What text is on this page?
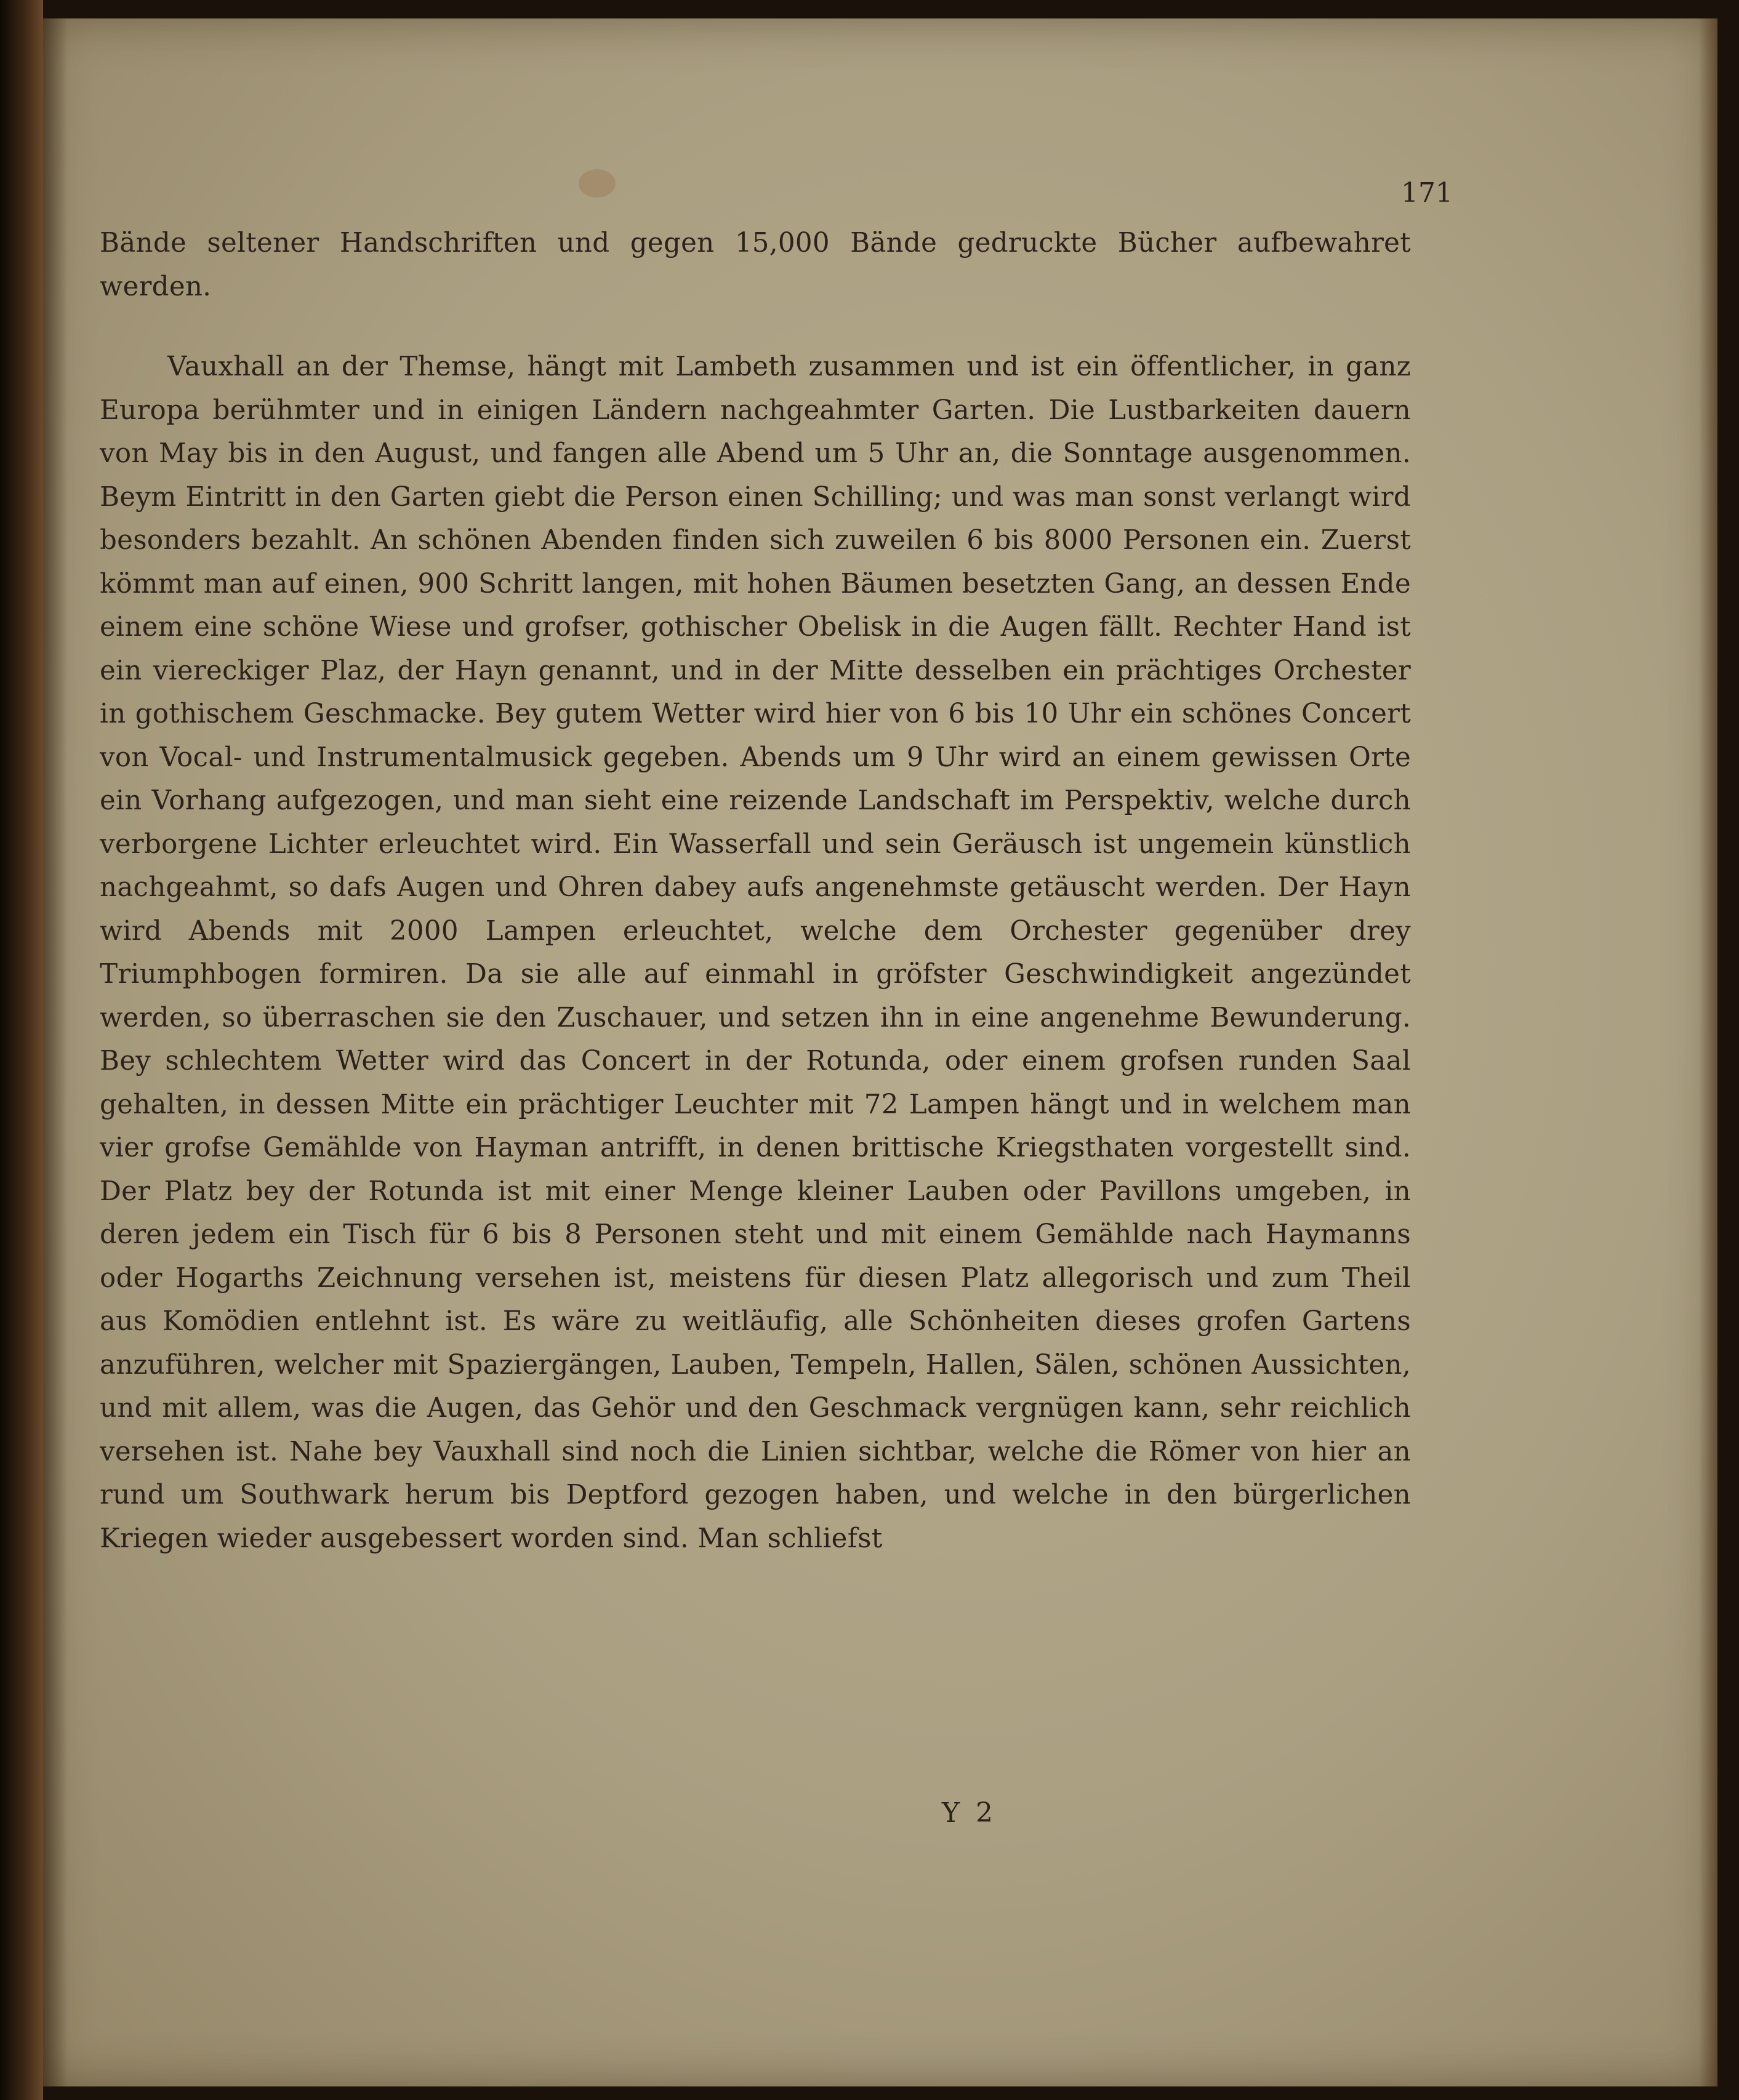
171

Bände seltener Handschriften und gegen 15,000 Bände gedruckte Bücher aufbewahret werden.

Vauxhall an der Themse, hängt mit Lambeth zusammen und ist ein öffentlicher, in ganz Europa berühmter und in einigen Ländern nachgeahmter Garten. Die Lustbarkeiten dauern von May bis in den August, und fangen alle Abend um 5 Uhr an, die Sonntage ausgenommen. Beym Eintritt in den Garten giebt die Person einen Schilling; und was man sonst verlangt wird besonders bezahlt. An schönen Abenden finden sich zuweilen 6 bis 8000 Personen ein. Zuerst kömmt man auf einen, 900 Schritt langen, mit hohen Bäumen besetzten Gang, an dessen Ende einem eine schöne Wiese und grofser, gothischer Obelisk in die Augen fällt. Rechter Hand ist ein viereckiger Plaz, der Hayn genannt, und in der Mitte desselben ein prächtiges Orchester in gothischem Geschmacke. Bey gutem Wetter wird hier von 6 bis 10 Uhr ein schönes Concert von Vocal- und Instrumentalmusick gegeben. Abends um 9 Uhr wird an einem gewissen Orte ein Vorhang aufgezogen, und man sieht eine reizende Landschaft im Perspektiv, welche durch verborgene Lichter erleuchtet wird. Ein Wasserfall und sein Geräusch ist ungemein künstlich nachgeahmt, so dafs Augen und Ohren dabey aufs angenehmste getäuscht werden. Der Hayn wird Abends mit 2000 Lampen erleuchtet, welche dem Orchester gegenüber drey Triumphbogen formiren. Da sie alle auf einmahl in gröfster Geschwindigkeit angezündet werden, so überraschen sie den Zuschauer, und setzen ihn in eine angenehme Bewunderung. Bey schlechtem Wetter wird das Concert in der Rotunda, oder einem grofsen runden Saal gehalten, in dessen Mitte ein prächtiger Leuchter mit 72 Lampen hängt und in welchem man vier grofse Gemählde von Hayman antrifft, in denen brittische Kriegsthaten vorgestellt sind. Der Platz bey der Rotunda ist mit einer Menge kleiner Lauben oder Pavillons umgeben, in deren jedem ein Tisch für 6 bis 8 Personen steht und mit einem Gemählde nach Haymanns oder Hogarths Zeichnung versehen ist, meistens für diesen Platz allegorisch und zum Theil aus Komödien entlehnt ist. Es wäre zu weitläufig, alle Schönheiten dieses grofen Gartens anzuführen, welcher mit Spaziergängen, Lauben, Tempeln, Hallen, Sälen, schönen Aussichten, und mit allem, was die Augen, das Gehör und den Geschmack vergnügen kann, sehr reichlich versehen ist. Nahe bey Vauxhall sind noch die Linien sichtbar, welche die Römer von hier an rund um Southwark herum bis Deptford gezogen haben, und welche in den bürgerlichen Kriegen wieder ausgebessert worden sind. Man schliefst

Y 2
